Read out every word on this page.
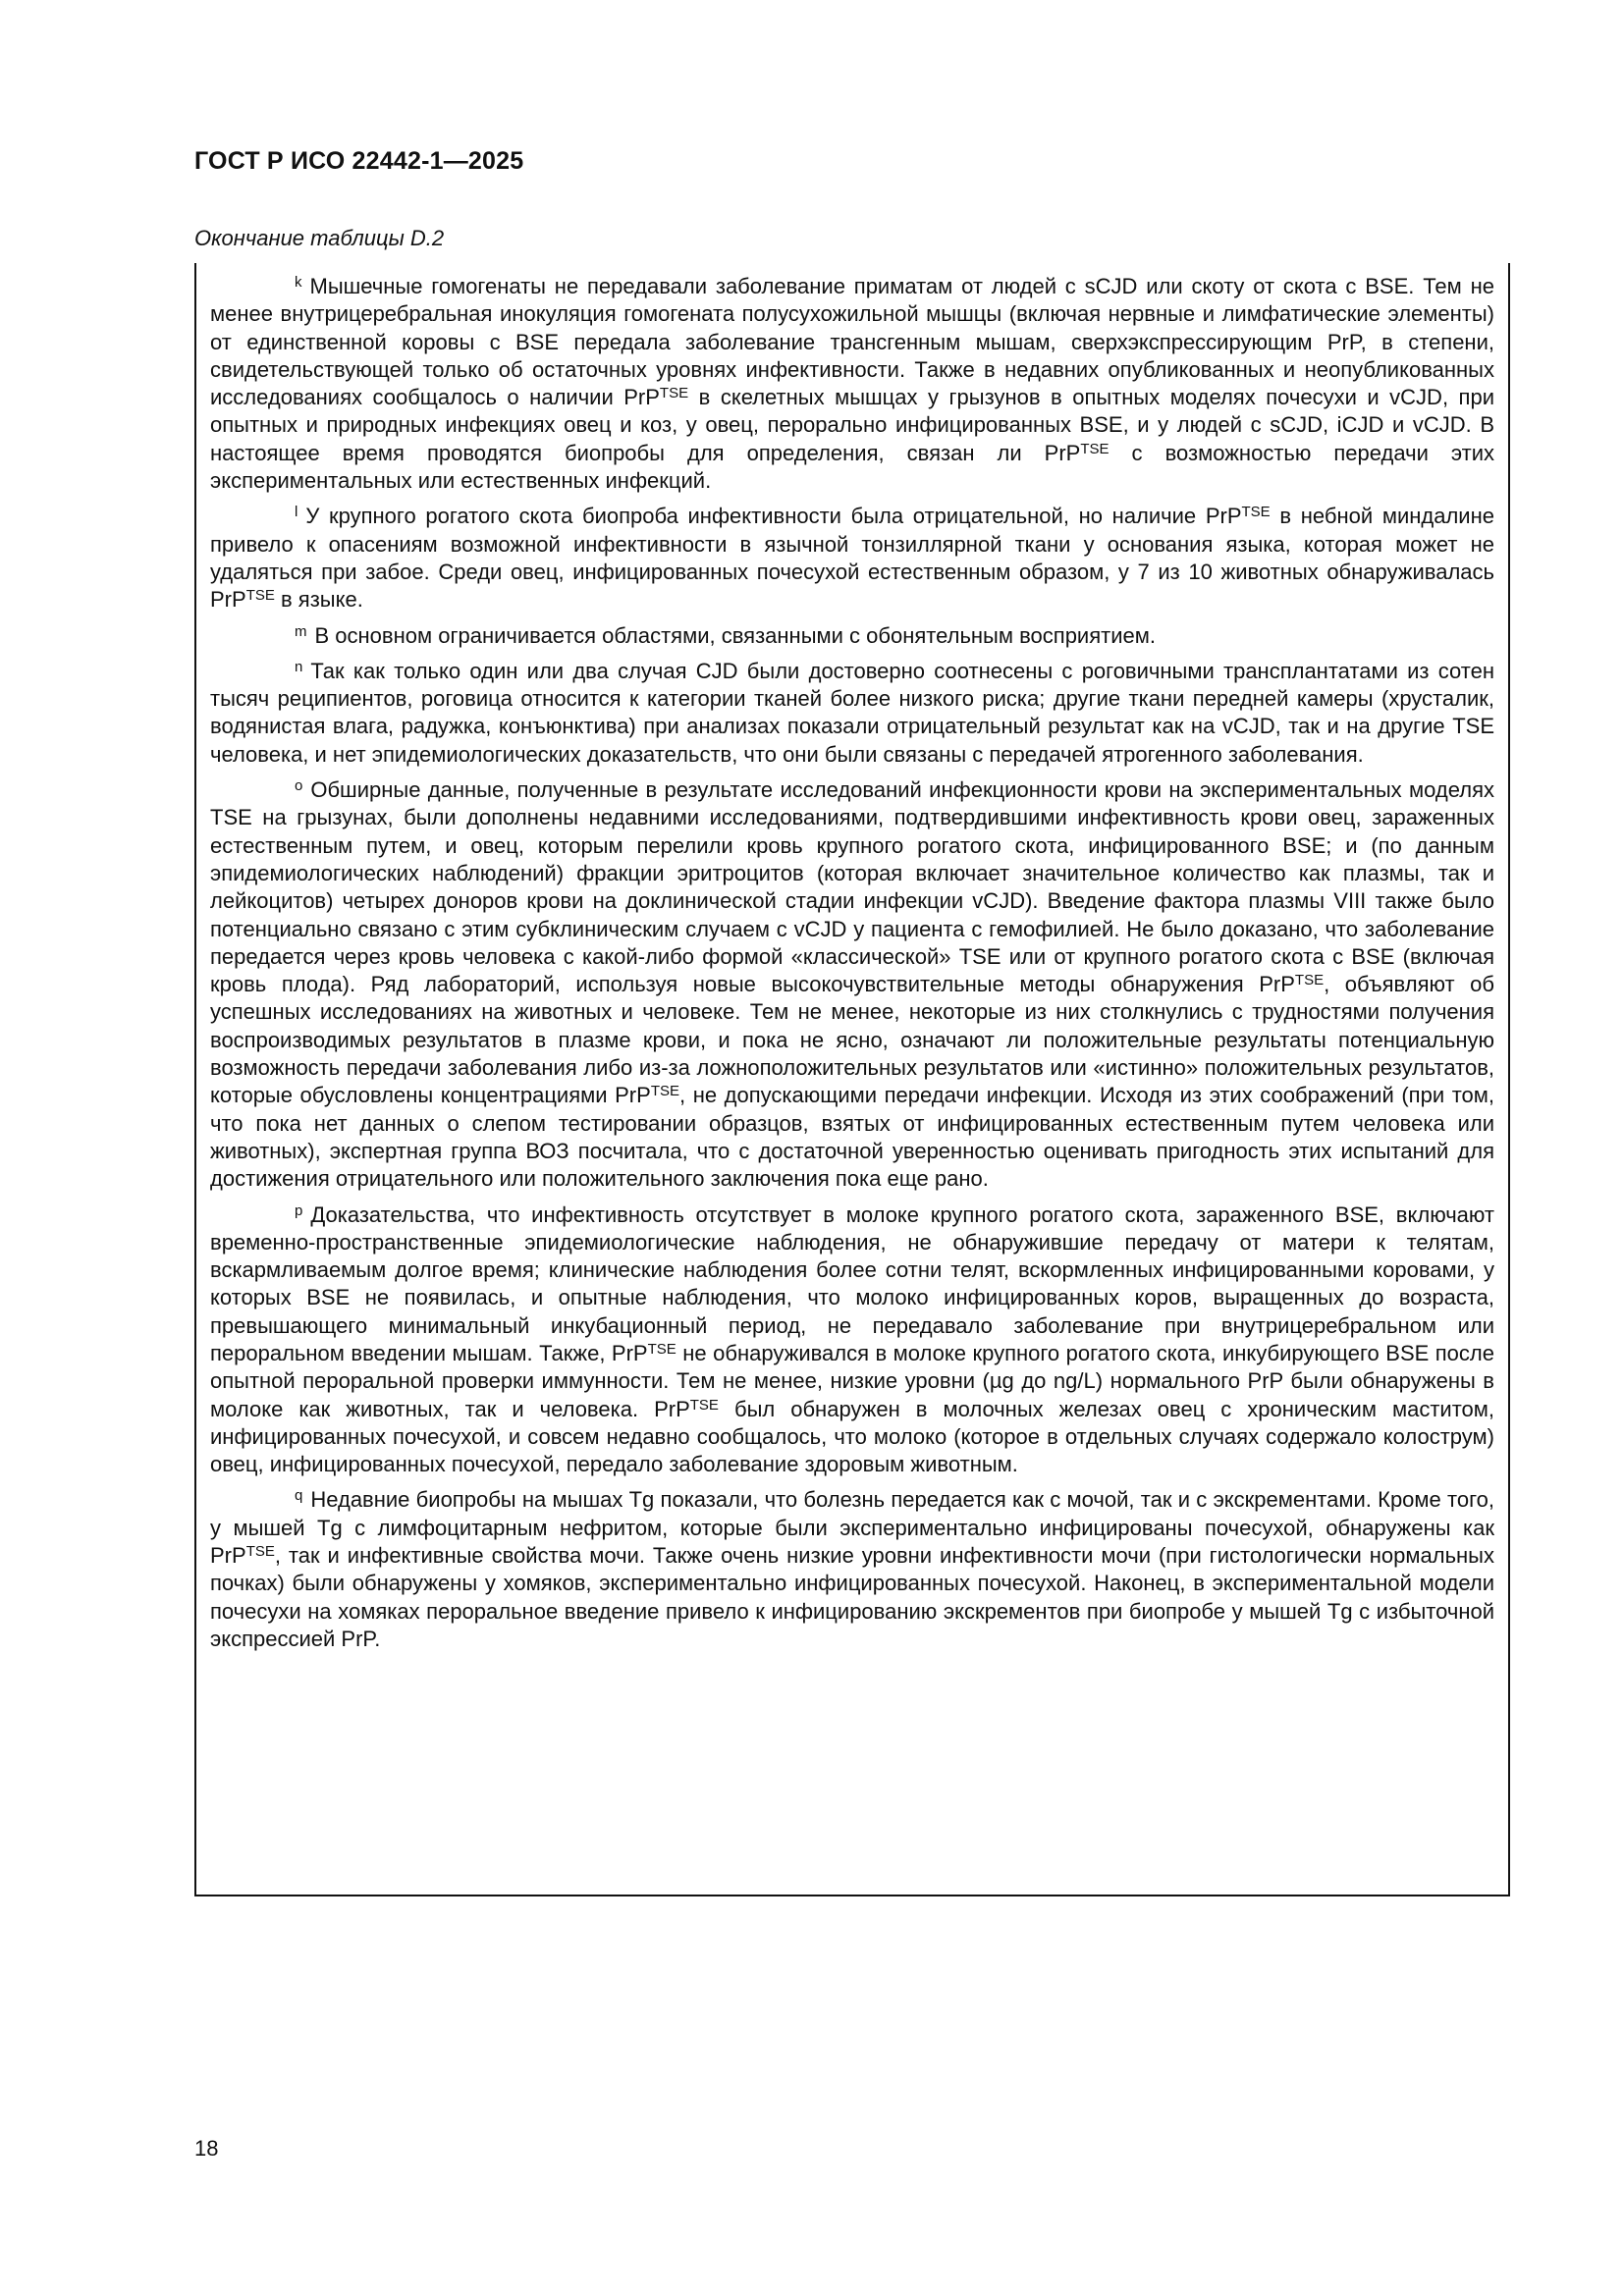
ГОСТ Р ИСО 22442-1—2025
Окончание таблицы D.2

$^k$ Мышечные гомогенаты не передавали заболевание приматам от людей с sCJD или скоту от скота с BSE. Тем не менее внутрицеребральная инокуляция гомогената полусухожильной мышцы (включая нервные и лимфатические элементы) от единственной коровы с BSE передала заболевание трансгенным мышам, сверхэкспрессирующим PrP, в степени, свидетельствующей только об остаточных уровнях инфективности. Также в недавних опубликованных и неопубликованных исследованиях сообщалось о наличии PrP$^{TSE}$ в скелетных мышцах у грызунов в опытных моделях почесухи и vCJD, при опытных и природных инфекциях овец и коз, у овец, перорально инфицированных BSE, и у людей с sCJD, iCJD и vCJD. В настоящее время проводятся биопробы для определения, связан ли PrP$^{TSE}$ с возможностью передачи этих экспериментальных или естественных инфекций.

$^l$ У крупного рогатого скота биопроба инфективности была отрицательной, но наличие PrP$^{TSE}$ в небной миндалине привело к опасениям возможной инфективности в язычной тонзиллярной ткани у основания языка, которая может не удаляться при забое. Среди овец, инфицированных почесухой естественным образом, у 7 из 10 животных обнаруживалась PrP$^{TSE}$ в языке.

$^m$ В основном ограничивается областями, связанными с обонятельным восприятием.

$^n$ Так как только один или два случая CJD были достоверно соотнесены с роговичными трансплантатами из сотен тысяч реципиентов, роговица относится к категории тканей более низкого риска; другие ткани передней камеры (хрусталик, водянистая влага, радужка, конъюнктива) при анализах показали отрицательный результат как на vCJD, так и на другие TSE человека, и нет эпидемиологических доказательств, что они были связаны с передачей ятрогенного заболевания.

$^o$ Обширные данные, полученные в результате исследований инфекционности крови на экспериментальных моделях TSE на грызунах, были дополнены недавними исследованиями, подтвердившими инфективность крови овец, зараженных естественным путем, и овец, которым перелили кровь крупного рогатого скота, инфицированного BSE; и (по данным эпидемиологических наблюдений) фракции эритроцитов (которая включает значительное количество как плазмы, так и лейкоцитов) четырех доноров крови на доклинической стадии инфекции vCJD). Введение фактора плазмы VIII также было потенциально связано с этим субклиническим случаем с vCJD у пациента с гемофилией. Не было доказано, что заболевание передается через кровь человека с какой-либо формой «классической» TSE или от крупного рогатого скота с BSE (включая кровь плода). Ряд лабораторий, используя новые высокочувствительные методы обнаружения PrP$^{TSE}$, объявляют об успешных исследованиях на животных и человеке. Тем не менее, некоторые из них столкнулись с трудностями получения воспроизводимых результатов в плазме крови, и пока не ясно, означают ли положительные результаты потенциальную возможность передачи заболевания либо из-за ложноположительных результатов или «истинно» положительных результатов, которые обусловлены концентрациями PrP$^{TSE}$, не допускающими передачи инфекции. Исходя из этих соображений (при том, что пока нет данных о слепом тестировании образцов, взятых от инфицированных естественным путем человека или животных), экспертная группа ВОЗ посчитала, что с достаточной уверенностью оценивать пригодность этих испытаний для достижения отрицательного или положительного заключения пока еще рано.

$^p$ Доказательства, что инфективность отсутствует в молоке крупного рогатого скота, зараженного BSE, включают временно-пространственные эпидемиологические наблюдения, не обнаружившие передачу от матери к телятам, вскармливаемым долгое время; клинические наблюдения более сотни телят, вскормленных инфицированными коровами, у которых BSE не появилась, и опытные наблюдения, что молоко инфицированных коров, выращенных до возраста, превышающего минимальный инкубационный период, не передавало заболевание при внутрицеребральном или пероральном введении мышам. Также, PrP$^{TSE}$ не обнаруживался в молоке крупного рогатого скота, инкубирующего BSE после опытной пероральной проверки иммунности. Тем не менее, низкие уровни (µg до ng/L) нормального PrP были обнаружены в молоке как животных, так и человека. PrP$^{TSE}$ был обнаружен в молочных железах овец с хроническим маститом, инфицированных почесухой, и совсем недавно сообщалось, что молоко (которое в отдельных случаях содержало колострум) овец, инфицированных почесухой, передало заболевание здоровым животным.

$^q$ Недавние биопробы на мышах Tg показали, что болезнь передается как с мочой, так и с экскрементами. Кроме того, у мышей Tg с лимфоцитарным нефритом, которые были экспериментально инфицированы почесухой, обнаружены как PrP$^{TSE}$, так и инфективные свойства мочи. Также очень низкие уровни инфективности мочи (при гистологически нормальных почках) были обнаружены у хомяков, экспериментально инфицированных почесухой. Наконец, в экспериментальной модели почесухи на хомяках пероральное введение привело к инфицированию экскрементов при биопробе у мышей Tg с избыточной экспрессией PrP.

18
